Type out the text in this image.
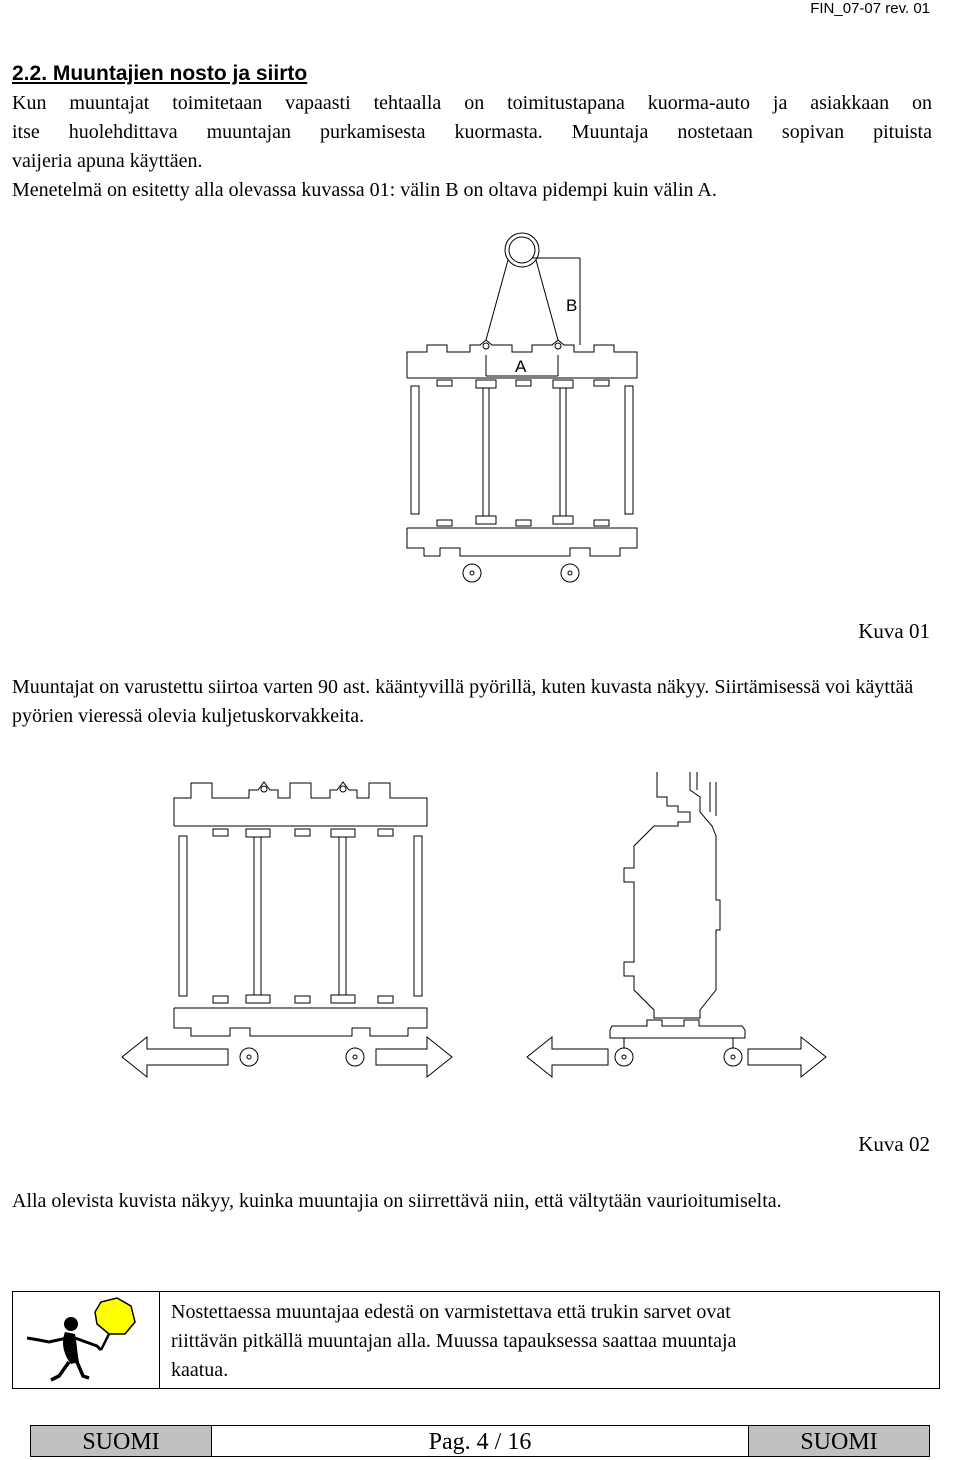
FIN_07-07 rev. 01
2.2. Muuntajien nosto ja siirto
Kun muuntajat toimitetaan vapaasti tehtaalla on toimitustapana kuorma-auto ja asiakkaan on
itse huolehdittava muuntajan purkamisesta kuormasta. Muuntaja nostetaan sopivan pituista
vaijeria apuna käyttäen.
Menetelmä on esitetty alla olevassa kuvassa 01: välin B on oltava pidempi kuin välin A.
B
A
Kuva 01
Muuntajat on varustettu siirtoa varten 90 ast. kääntyvillä pyörillä, kuten kuvasta näkyy. Siirtämisessä voi käyttää pyörien vieressä olevia kuljetuskorvakkeita.
Kuva 02
Alla olevista kuvista näkyy, kuinka muuntajia on siirrettävä niin, että vältytään vaurioitumiselta.
Nostettaessa muuntajaa edestä on varmistettava että trukin sarvet ovat
riittävän pitkällä muuntajan alla. Muussa tapauksessa saattaa muuntaja
kaatua.
SUOMI	Pag. 4 / 16	SUOMI
